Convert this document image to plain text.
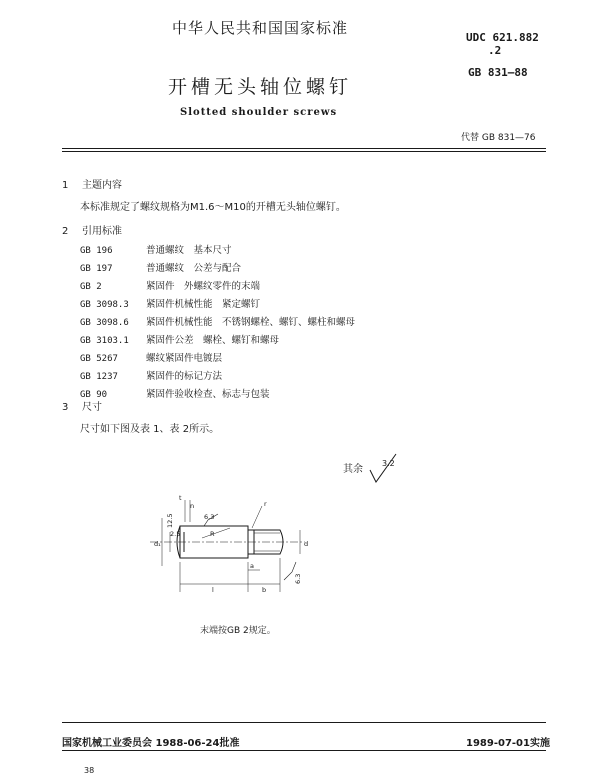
中华人民共和国国家标准
UDC 621.882
.2
GB 831—88
开槽无头轴位螺钉
Slotted shoulder screws
代替 GB 831—76
1 主题内容
本标准规定了螺纹规格为M1.6～M10的开槽无头轴位螺钉。
2 引用标准
GB 196	普通螺纹　基本尺寸
GB 197	普通螺纹　公差与配合
GB 2	紧固件　外螺纹零件的末端
GB 3098.3 紧固件机械性能　紧定螺钉
GB 3098.6 紧固件机械性能　不锈钢螺栓、螺钉、螺柱和螺母
GB 3103.1 紧固件公差　螺栓、螺钉和螺母
GB 5267	螺纹紧固件电镀层
GB 1237	紧固件的标记方法
GB 90	紧固件验收检查、标志与包装
3 尺寸
尺寸如下图及表 1、表 2所示。
其余
3.2
t
n	r
R
6.3
12.5
2.5
6.3
d₁	d
a
l	b
末端按GB 2规定。
国家机械工业委员会 1988-06-24批准	1989-07-01实施
38
